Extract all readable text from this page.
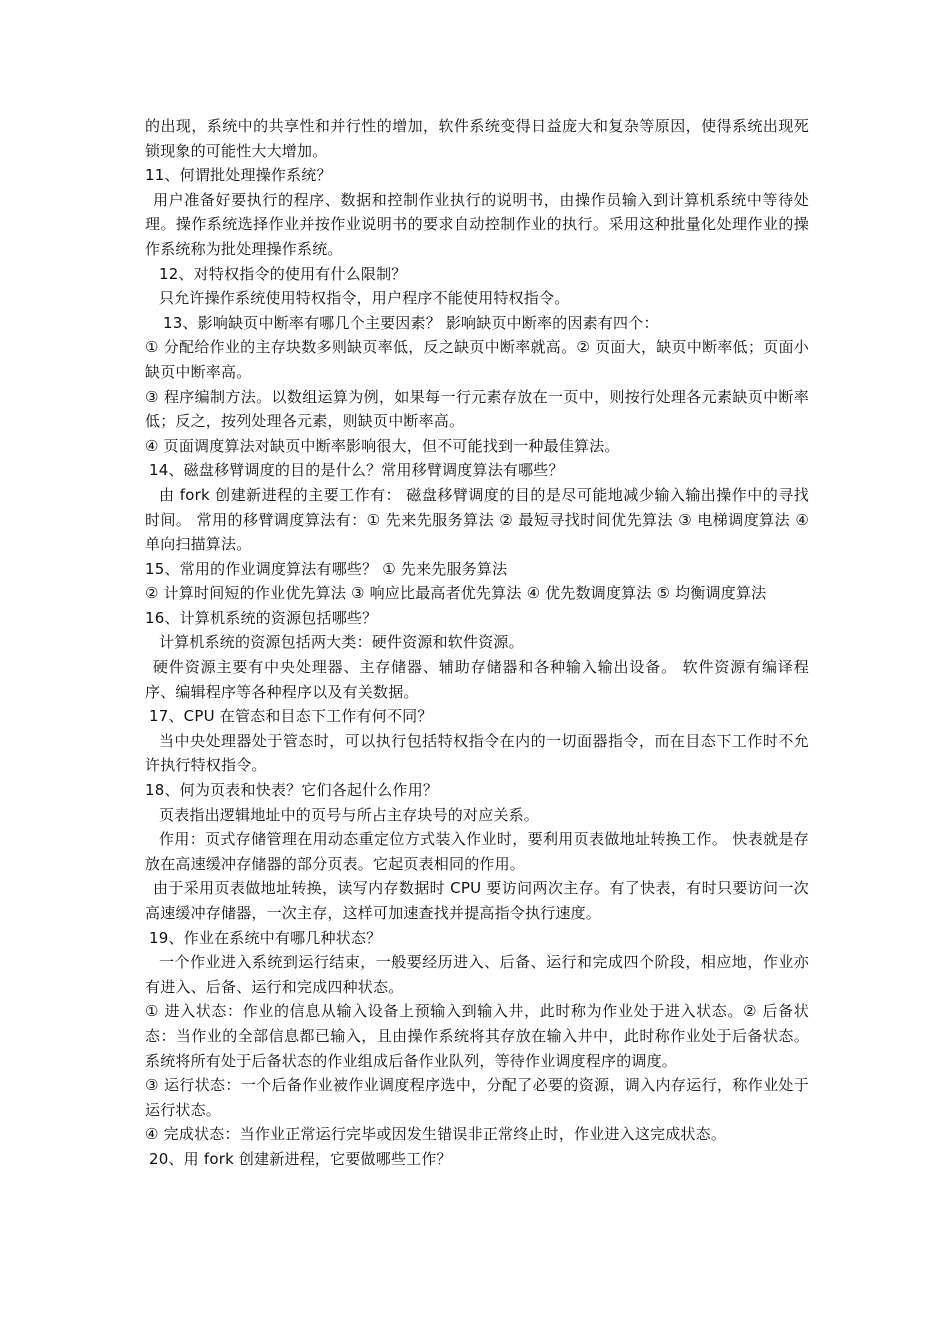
的出现，系统中的共享性和并行性的增加，软件系统变得日益庞大和复杂等原因，使得系统出现死锁现象的可能性大大增加。

11、何谓批处理操作系统？

用户准备好要执行的程序、数据和控制作业执行的说明书，由操作员输入到计算机系统中等待处理。操作系统选择作业并按作业说明书的要求自动控制作业的执行。采用这种批量化处理作业的操作系统称为批处理操作系统。

12、对特权指令的使用有什么限制？

只允许操作系统使用特权指令，用户程序不能使用特权指令。

13、影响缺页中断率有哪几个主要因素？ 影响缺页中断率的因素有四个：

① 分配给作业的主存块数多则缺页率低，反之缺页中断率就高。② 页面大，缺页中断率低；页面小缺页中断率高。

③ 程序编制方法。以数组运算为例，如果每一行元素存放在一页中，则按行处理各元素缺页中断率低；反之，按列处理各元素，则缺页中断率高。

④ 页面调度算法对缺页中断率影响很大，但不可能找到一种最佳算法。

14、磁盘移臂调度的目的是什么？常用移臂调度算法有哪些？

由 fork 创建新进程的主要工作有： 磁盘移臂调度的目的是尽可能地减少输入输出操作中的寻找时间。 常用的移臂调度算法有：① 先来先服务算法 ② 最短寻找时间优先算法 ③ 电梯调度算法 ④ 单向扫描算法。

15、常用的作业调度算法有哪些？ ① 先来先服务算法

② 计算时间短的作业优先算法 ③ 响应比最高者优先算法 ④ 优先数调度算法 ⑤ 均衡调度算法

16、计算机系统的资源包括哪些？

计算机系统的资源包括两大类：硬件资源和软件资源。

硬件资源主要有中央处理器、主存储器、辅助存储器和各种输入输出设备。 软件资源有编译程序、编辑程序等各种程序以及有关数据。

17、CPU 在管态和目态下工作有何不同？

当中央处理器处于管态时，可以执行包括特权指令在内的一切面器指令，而在目态下工作时不允许执行特权指令。

18、何为页表和快表？它们各起什么作用？

页表指出逻辑地址中的页号与所占主存块号的对应关系。

作用：页式存储管理在用动态重定位方式装入作业时，要利用页表做地址转换工作。 快表就是存放在高速缓冲存储器的部分页表。它起页表相同的作用。

由于采用页表做地址转换，读写内存数据时 CPU 要访问两次主存。有了快表，有时只要访问一次高速缓冲存储器，一次主存，这样可加速查找并提高指令执行速度。

19、作业在系统中有哪几种状态？

一个作业进入系统到运行结束，一般要经历进入、后备、运行和完成四个阶段，相应地，作业亦有进入、后备、运行和完成四种状态。

① 进入状态：作业的信息从输入设备上预输入到输入井，此时称为作业处于进入状态。② 后备状态：当作业的全部信息都已输入，且由操作系统将其存放在输入井中，此时称作业处于后备状态。系统将所有处于后备状态的作业组成后备作业队列，等待作业调度程序的调度。

③ 运行状态：一个后备作业被作业调度程序选中，分配了必要的资源，调入内存运行，称作业处于运行状态。

④ 完成状态：当作业正常运行完毕或因发生错误非正常终止时，作业进入这完成状态。

20、用 fork 创建新进程，它要做哪些工作？
